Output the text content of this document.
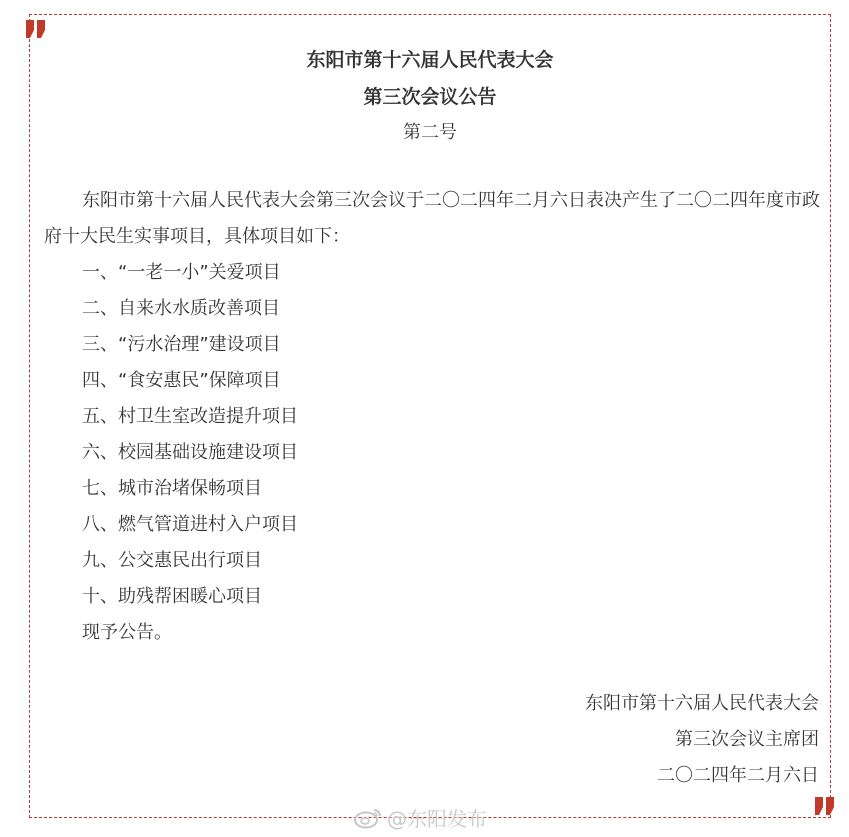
东阳市第十六届人民代表大会
第三次会议公告
第二号
东阳市第十六届人民代表大会第三次会议于二〇二四年二月六日表决产生了二〇二四年度市政府十大民生实事项目，具体项目如下：
一、“一老一小”关爱项目
二、自来水水质改善项目
三、“污水治理”建设项目
四、“食安惠民”保障项目
五、村卫生室改造提升项目
六、校园基础设施建设项目
七、城市治堵保畅项目
八、燃气管道进村入户项目
九、公交惠民出行项目
十、助残帮困暖心项目
现予公告。
东阳市第十六届人民代表大会
第三次会议主席团
二〇二四年二月六日
@东阳发布
